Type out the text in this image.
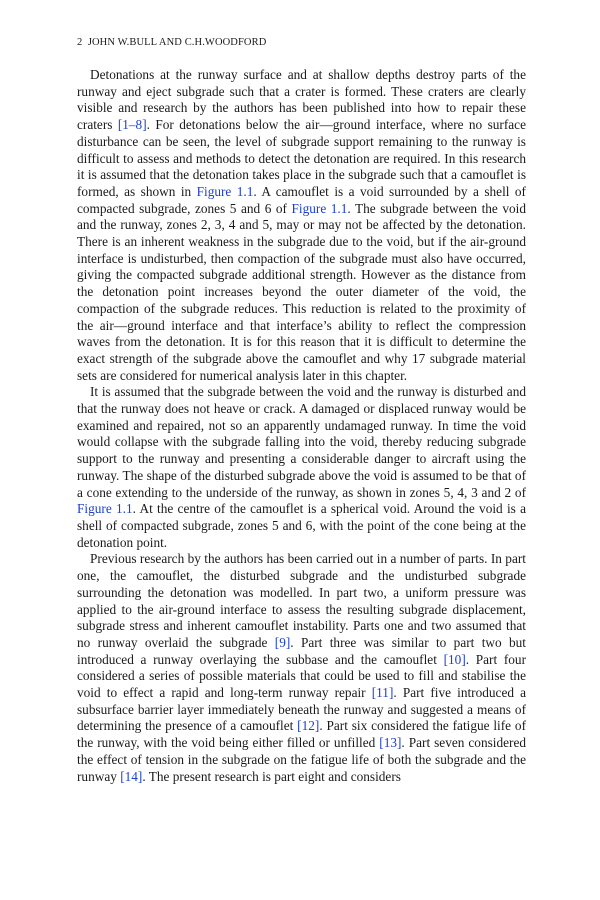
2 JOHN W.BULL AND C.H.WOODFORD

Detonations at the runway surface and at shallow depths destroy parts of the runway and eject subgrade such that a crater is formed. These craters are clearly visible and research by the authors has been published into how to repair these craters [1–8]. For detonations below the air—ground interface, where no surface disturbance can be seen, the level of subgrade support remaining to the runway is difficult to assess and methods to detect the detonation are required. In this research it is assumed that the detonation takes place in the subgrade such that a camouflet is formed, as shown in Figure 1.1. A camouflet is a void surrounded by a shell of compacted subgrade, zones 5 and 6 of Figure 1.1. The subgrade between the void and the runway, zones 2, 3, 4 and 5, may or may not be affected by the detonation. There is an inherent weakness in the subgrade due to the void, but if the air-ground interface is undisturbed, then compaction of the subgrade must also have occurred, giving the compacted subgrade additional strength. However as the distance from the detonation point increases beyond the outer diameter of the void, the compaction of the subgrade reduces. This reduction is related to the proximity of the air—ground interface and that interface’s ability to reflect the compression waves from the detonation. It is for this reason that it is difficult to determine the exact strength of the subgrade above the camouflet and why 17 subgrade material sets are considered for numerical analysis later in this chapter.

It is assumed that the subgrade between the void and the runway is disturbed and that the runway does not heave or crack. A damaged or displaced runway would be examined and repaired, not so an apparently undamaged runway. In time the void would collapse with the subgrade falling into the void, thereby reducing subgrade support to the runway and presenting a considerable danger to aircraft using the runway. The shape of the disturbed subgrade above the void is assumed to be that of a cone extending to the underside of the runway, as shown in zones 5, 4, 3 and 2 of Figure 1.1. At the centre of the camouflet is a spherical void. Around the void is a shell of compacted subgrade, zones 5 and 6, with the point of the cone being at the detonation point.

Previous research by the authors has been carried out in a number of parts. In part one, the camouflet, the disturbed subgrade and the undisturbed subgrade surrounding the detonation was modelled. In part two, a uniform pressure was applied to the air-ground interface to assess the resulting subgrade displacement, subgrade stress and inherent camouflet instability. Parts one and two assumed that no runway overlaid the subgrade [9]. Part three was similar to part two but introduced a runway overlaying the subbase and the camouflet [10]. Part four considered a series of possible materials that could be used to fill and stabilise the void to effect a rapid and long-term runway repair [11]. Part five introduced a subsurface barrier layer immediately beneath the runway and suggested a means of determining the presence of a camouflet [12]. Part six considered the fatigue life of the runway, with the void being either filled or unfilled [13]. Part seven considered the effect of tension in the subgrade on the fatigue life of both the subgrade and the runway [14]. The present research is part eight and considers
